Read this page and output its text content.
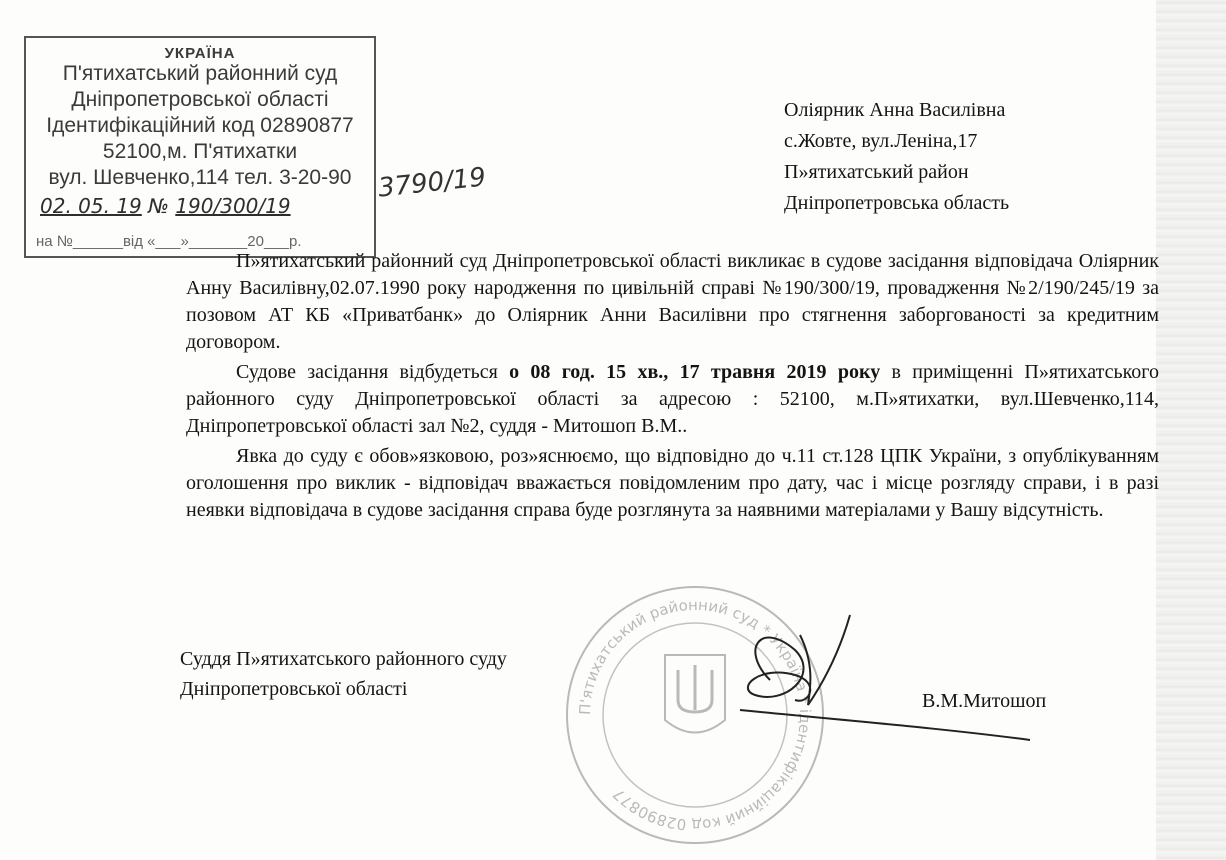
УКРАЇНА
П'ятихатський районний суд
Дніпропетровської області
Ідентифікаційний код 02890877
52100,м. П'ятихатки
вул. Шевченко,114 тел. 3-20-90
02. 05. 19 № 190/300/19
на №______від «___»_______20___р.
3790/19
Оліярник Анна Василівна
с.Жовте, вул.Леніна,17
П»ятихатський район
Дніпропетровська область

П»ятихатський районний суд Дніпропетровської області викликає в судове засідання відповідача Оліярник Анну Василівну,02.07.1990 року народження по цивільній справі №190/300/19, провадження №2/190/245/19 за позовом АТ КБ «Приватбанк» до Оліярник Анни Василівни про стягнення заборгованості за кредитним договором.

Судове засідання відбудеться о 08 год. 15 хв., 17 травня 2019 року в приміщенні П»ятихатського районного суду Дніпропетровської області за адресою : 52100, м.П»ятихатки, вул.Шевченко,114, Дніпропетровської області зал №2, суддя - Митошоп В.М..

Явка до суду є обов»язковою, роз»яснюємо, що відповідно до ч.11 ст.128 ЦПК України, з опублікуванням оголошення про виклик - відповідач вважається повідомленим про дату, час і місце розгляду справи, і в разі неявки відповідача в судове засідання справа буде розглянута за наявними матеріалами у Вашу відсутність.

П'ятихатський районний суд * Україна * ідентифікаційний код 02890877
Суддя П»ятихатського районного суду
Дніпропетровської області
В.М.Митошоп
